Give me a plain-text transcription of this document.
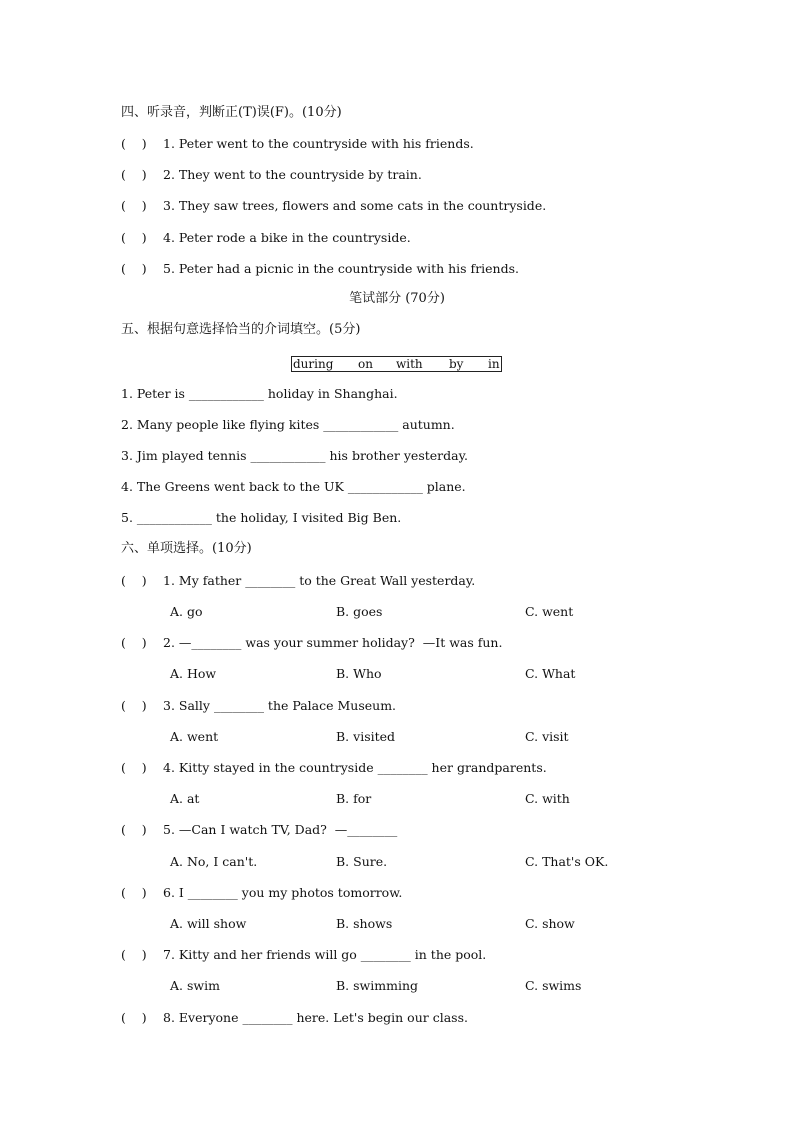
四、听录音，判断正(T)误(F)。(10分)
(    ) 1. Peter went to the countryside with his friends.
(    ) 2. They went to the countryside by train.
(    ) 3. They saw trees, flowers and some cats in the countryside.
(    ) 4. Peter rode a bike in the countryside.
(    ) 5. Peter had a picnic in the countryside with his friends.
笔试部分 (70分)
五、根据句意选择恰当的介词填空。(5分)
during on with by in
1. Peter is ____________ holiday in Shanghai.
2. Many people like flying kites ____________ autumn.
3. Jim played tennis ____________ his brother yesterday.
4. The Greens went back to the UK ____________ plane.
5. ____________ the holiday, I visited Big Ben.
六、单项选择。(10分)
(    ) 1. My father ________ to the Great Wall yesterday.
A. go	B. goes	C. went
(    ) 2. —________ was your summer holiday?  —It was fun.
A. How	B. Who	C. What
(    ) 3. Sally ________ the Palace Museum.
A. went	B. visited	C. visit
(    ) 4. Kitty stayed in the countryside ________ her grandparents.
A. at	B. for	C. with
(    ) 5. —Can I watch TV, Dad?  —________
A. No, I can't.	B. Sure.	C. That's OK.
(    ) 6. I ________ you my photos tomorrow.
A. will show	B. shows	C. show
(    ) 7. Kitty and her friends will go ________ in the pool.
A. swim	B. swimming	C. swims
(    ) 8. Everyone ________ here. Let's begin our class.
